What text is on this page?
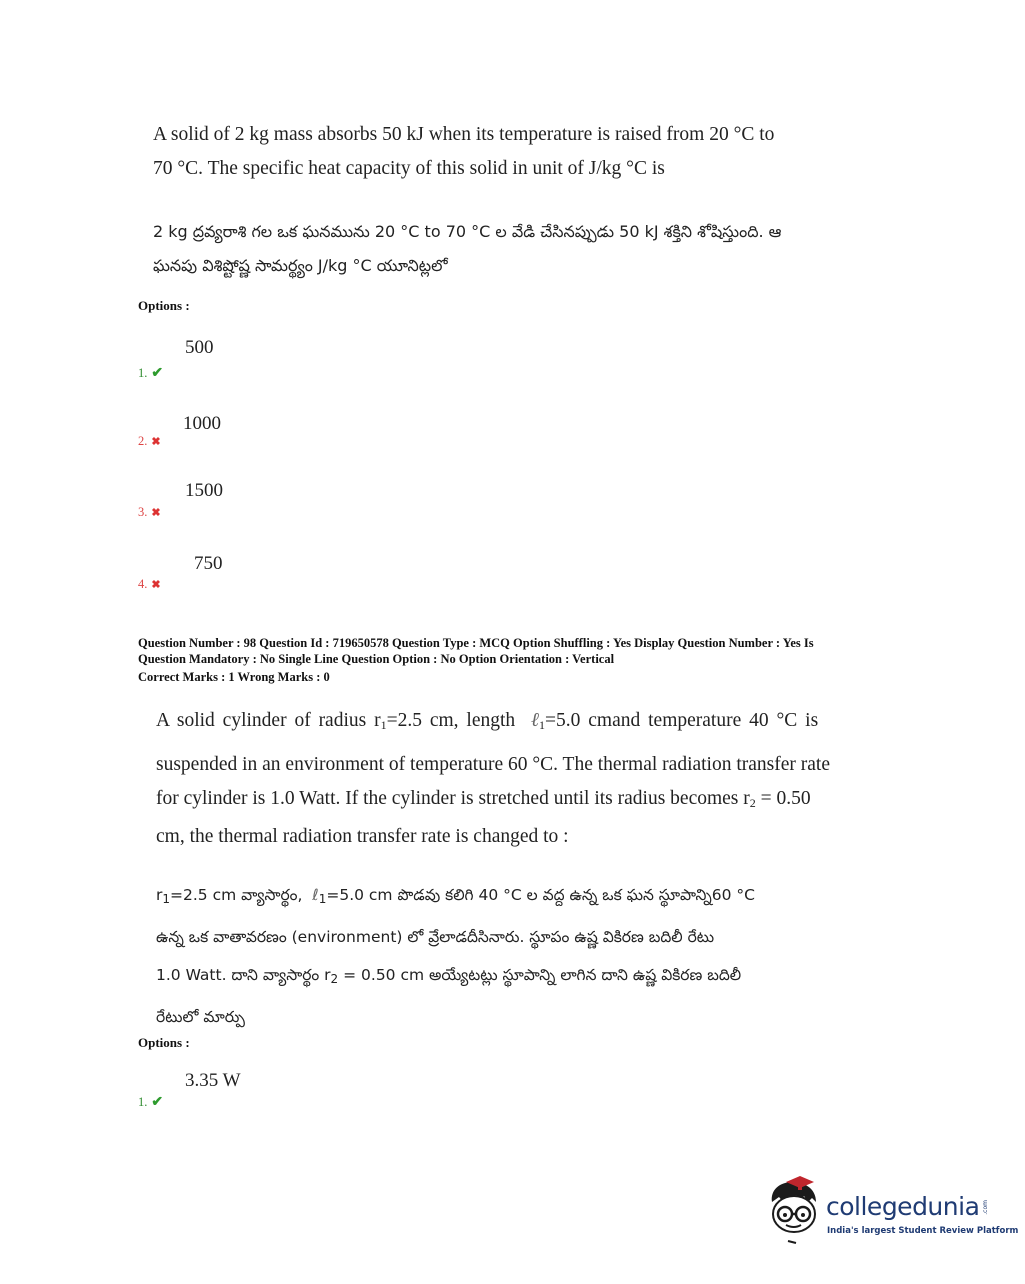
A solid of 2 kg mass absorbs 50 kJ when its temperature is raised from 20 °C to
70 °C. The specific heat capacity of this solid in unit of J/kg °C is
2 kg ద్రవ్యరాశి గల ఒక ఘనమును 20 °C to 70 °C ల వేడి చేసినప్పుడు 50 kJ శక్తిని శోషిస్తుంది. ఆ
ఘనపు విశిష్టోష్ణ సామర్థ్యం J/kg °C యూనిట్లలో
Options :
500
1. ✔
1000
2. ✖
1500
3. ✖
750
4. ✖
Question Number : 98 Question Id : 719650578 Question Type : MCQ Option Shuffling : Yes Display Question Number : Yes Is
Question Mandatory : No Single Line Question Option : No Option Orientation : Vertical
Correct Marks : 1 Wrong Marks : 0
A solid cylinder of radius $r_1=2.5$ cm, length ℓ$_1$=5.0 cmand temperature 40 °C is
suspended in an environment of temperature 60 °C. The thermal radiation transfer rate
for cylinder is 1.0 Watt. If the cylinder is stretched until its radius becomes $r_2 = 0.50$
cm, the thermal radiation transfer rate is changed to :
$r_1=2.5$ cm వ్యాసార్థం, ℓ$_1$=5.0 cm పొడవు కలిగి 40 °C ల వద్ద ఉన్న ఒక ఘన స్థూపాన్ని60 °C
ఉన్న ఒక వాతావరణం (environment) లో వ్రేలాడదీసినారు. స్థూపం ఉష్ణ వికిరణ బదిలీ రేటు
1.0 Watt. దాని వ్యాసార్థం $r_2 = 0.50$ cm అయ్యేటట్లు స్థూపాన్ని లాగిన దాని ఉష్ణ వికిరణ బదిలీ
రేటులో మార్పు
Options :
3.35 W
1. ✔
collegedunia .com
India's largest Student Review Platform
